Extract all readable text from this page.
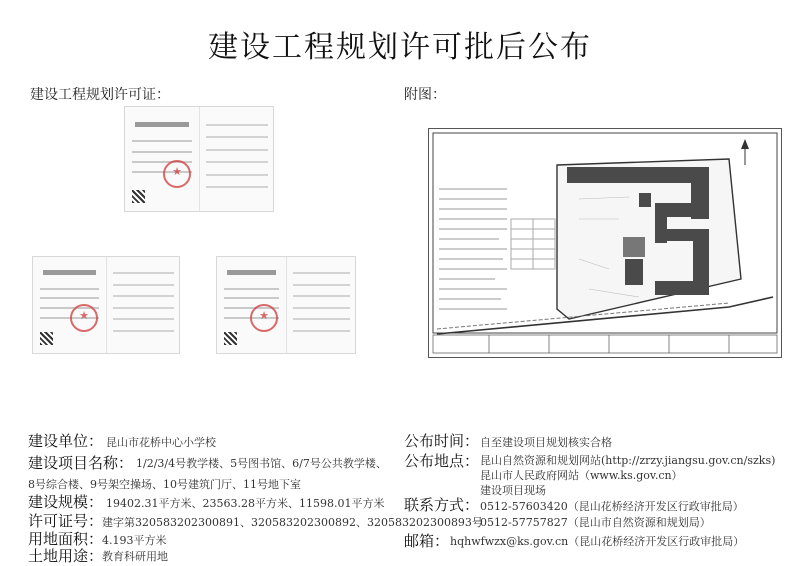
建设工程规划许可批后公布
建设工程规划许可证：	附图：
★
★
★
建设单位： 昆山市花桥中心小学校
建设项目名称： 1/2/3/4号教学楼、5号图书馆、6/7号公共教学楼、
8号综合楼、9号架空操场、10号建筑门厅、11号地下室
建设规模： 19402.31平方米、23563.28平方米、11598.01平方米
许可证号：
建字第320583202300891、320583202300892、320583202300893号
用地面积：
4.193平方米
土地用途：
教育科研用地
公布时间： 自至建设项目规划核实合格
公布地点： 昆山自然资源和规划网站(http://zrzy.jiangsu.gov.cn/szks)
昆山市人民政府网站（www.ks.gov.cn）
建设项目现场
联系方式： 0512-57603420（昆山花桥经济开发区行政审批局）
0512-57757827（昆山市自然资源和规划局）
邮箱： hqhwfwzx@ks.gov.cn（昆山花桥经济开发区行政审批局）
